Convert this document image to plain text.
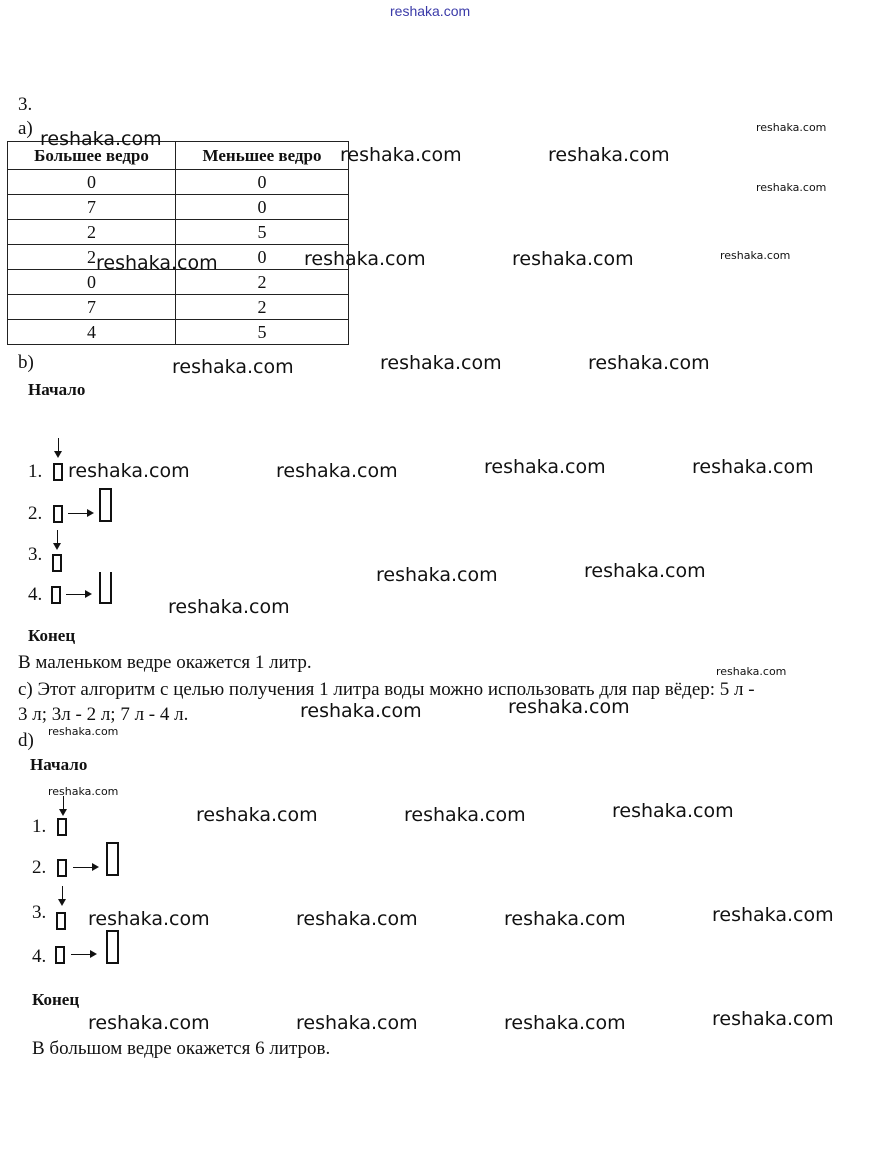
reshaka.com
3.
a)
Большее ведро	Меньшее ведро
0	0
7	0
2	5
2	0
0	2
7	2
4	5
b)
Начало
1.
2.
3.
4.
Конец
В маленьком ведре окажется 1 литр.
c) Этот алгоритм с целью получения 1 литра воды можно использовать для пар вёдер: 5 л -
3 л; 3л - 2 л; 7 л - 4 л.
d)
Начало
1.
2.
3.
4.
Конец
В большом ведре окажется 6 литров.
reshaka.com
reshaka.com	reshaka.com
reshaka.com
reshaka.com
reshaka.com	reshaka.com	reshaka.com	reshaka.com
reshaka.com	reshaka.com	reshaka.com
reshaka.com	reshaka.com	reshaka.com	reshaka.com
reshaka.com	reshaka.com
reshaka.com
reshaka.com
reshaka.com	reshaka.com
reshaka.com
reshaka.com
reshaka.com	reshaka.com	reshaka.com
reshaka.com	reshaka.com	reshaka.com	reshaka.com
reshaka.com	reshaka.com	reshaka.com	reshaka.com
